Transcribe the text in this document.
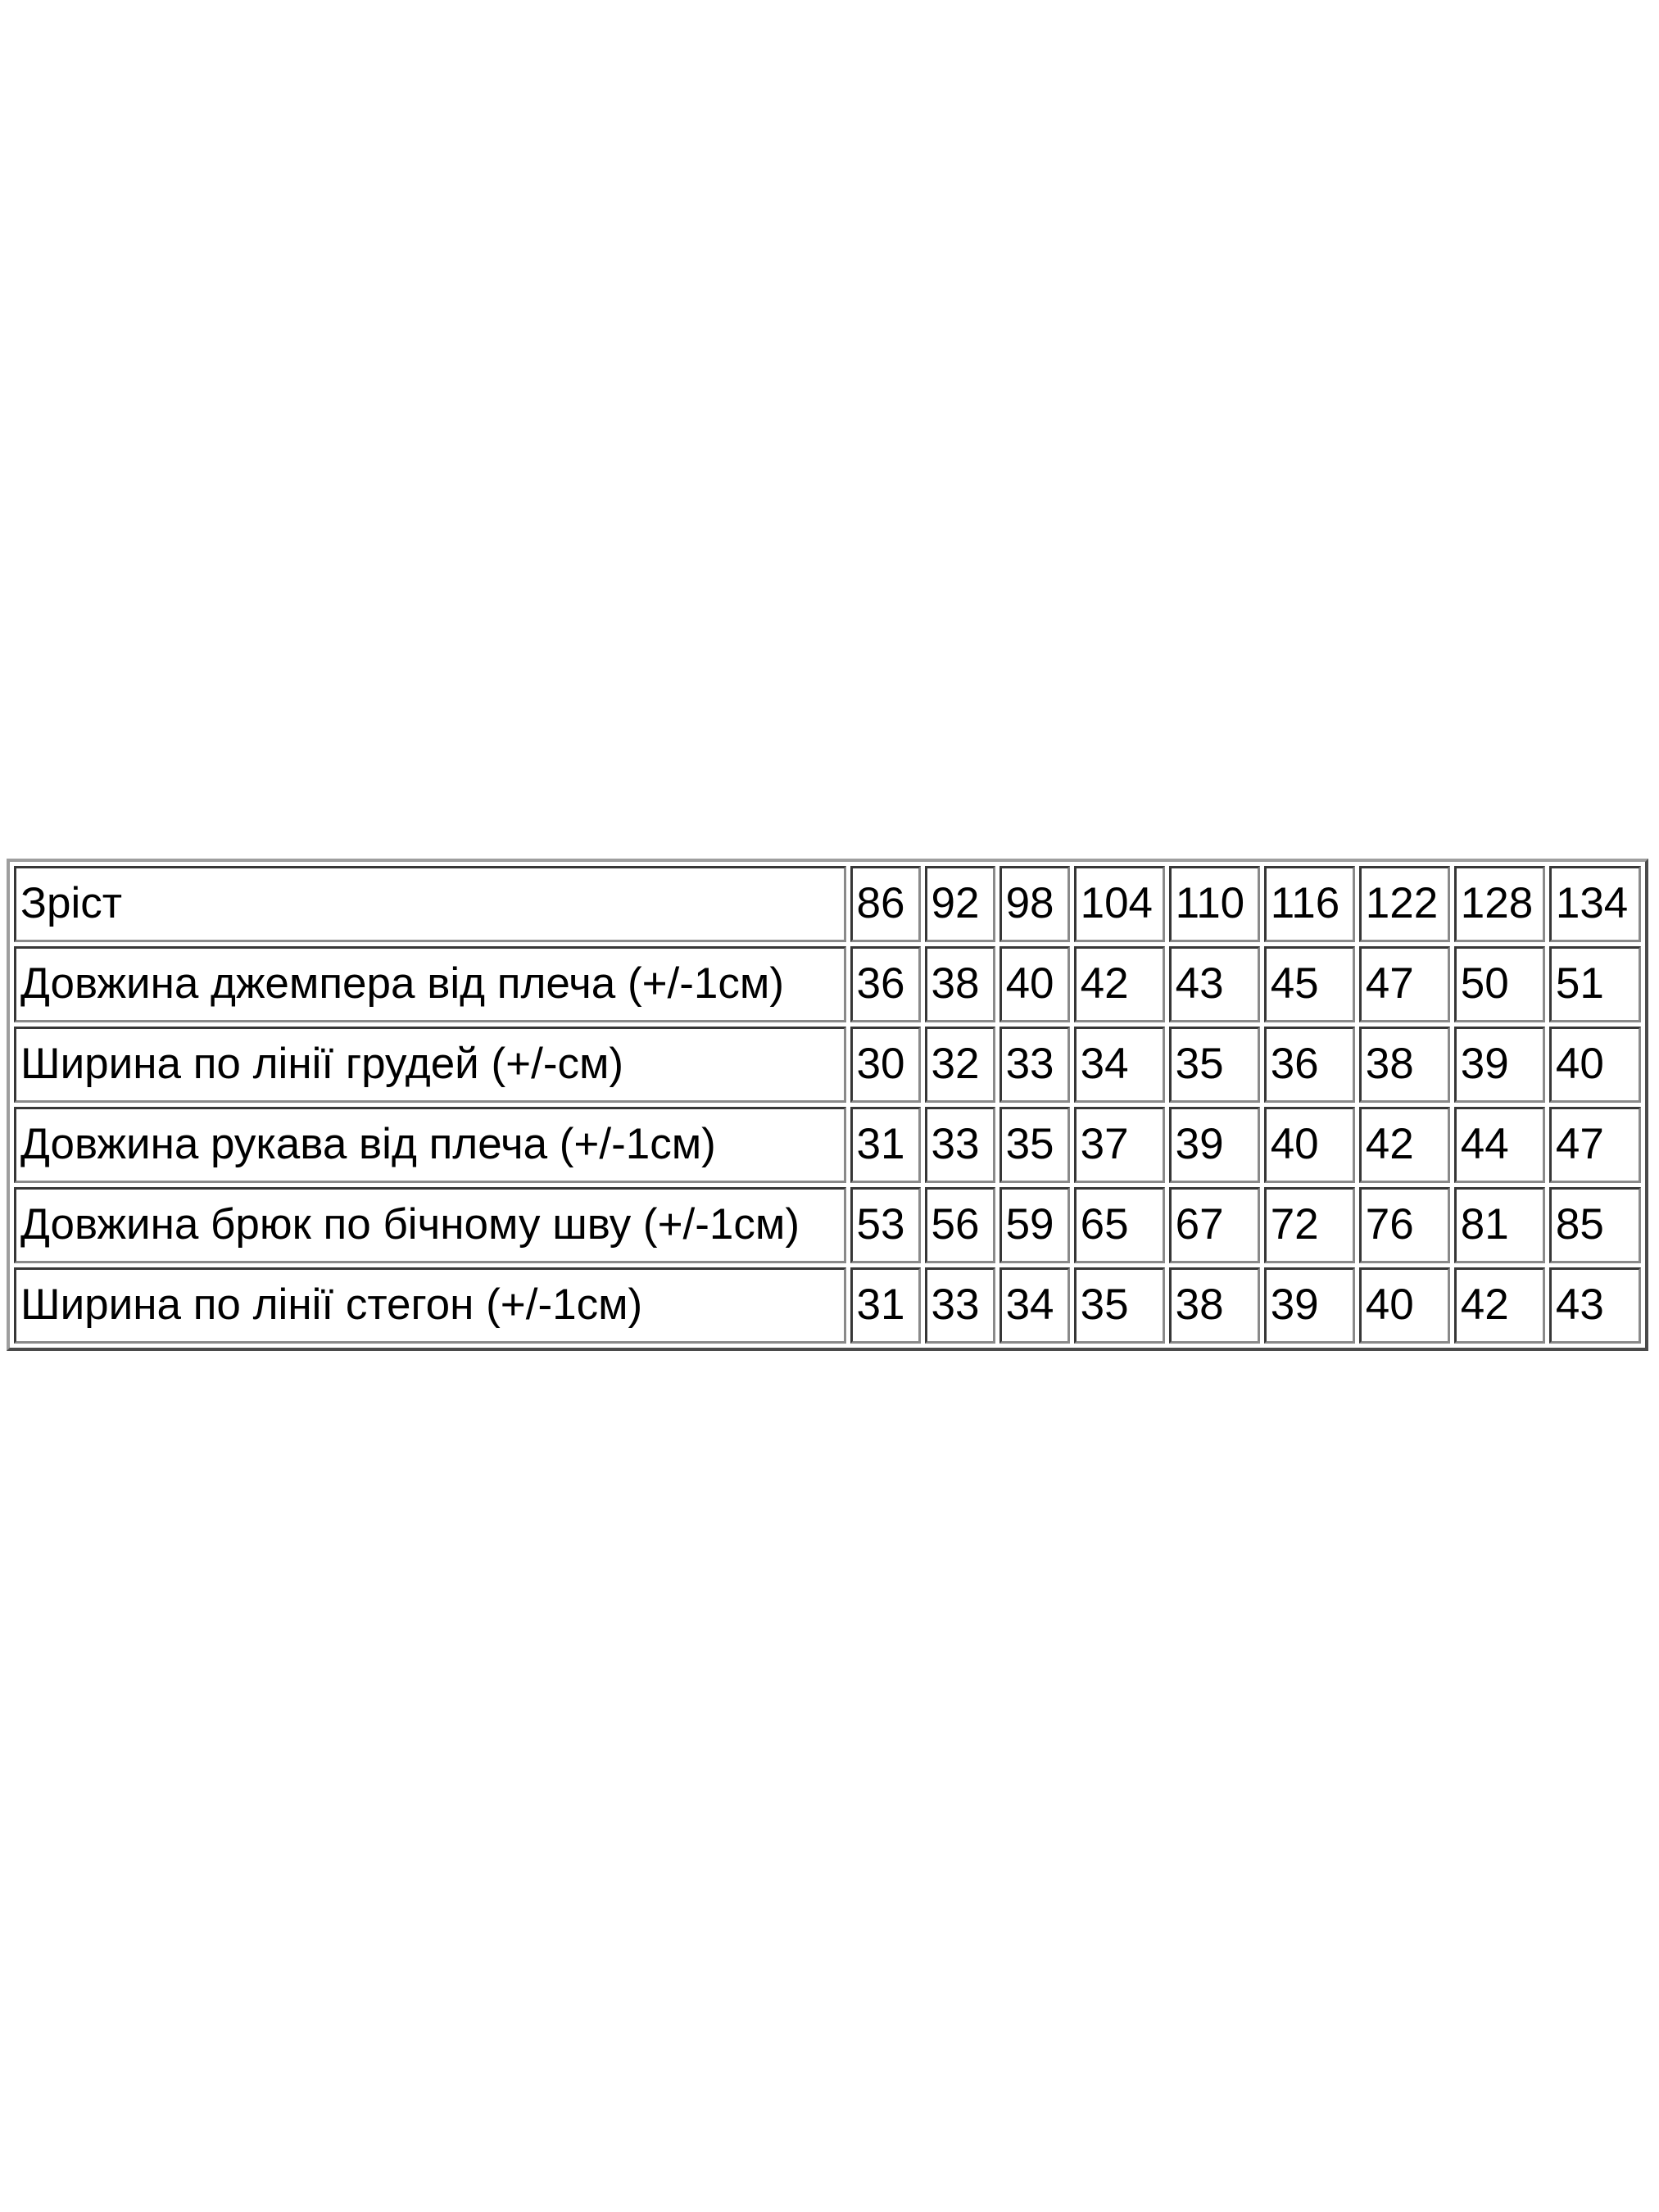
Зріст	86	92	98	104	110	116	122	128	134
Довжина джемпера від плеча (+/-1см)	36	38	40	42	43	45	47	50	51
Ширина по лінії грудей (+/-см)	30	32	33	34	35	36	38	39	40
Довжина рукава від плеча (+/-1см)	31	33	35	37	39	40	42	44	47
Довжина брюк по бічному шву (+/-1см)	53	56	59	65	67	72	76	81	85
Ширина по лінії стегон (+/-1см)	31	33	34	35	38	39	40	42	43
